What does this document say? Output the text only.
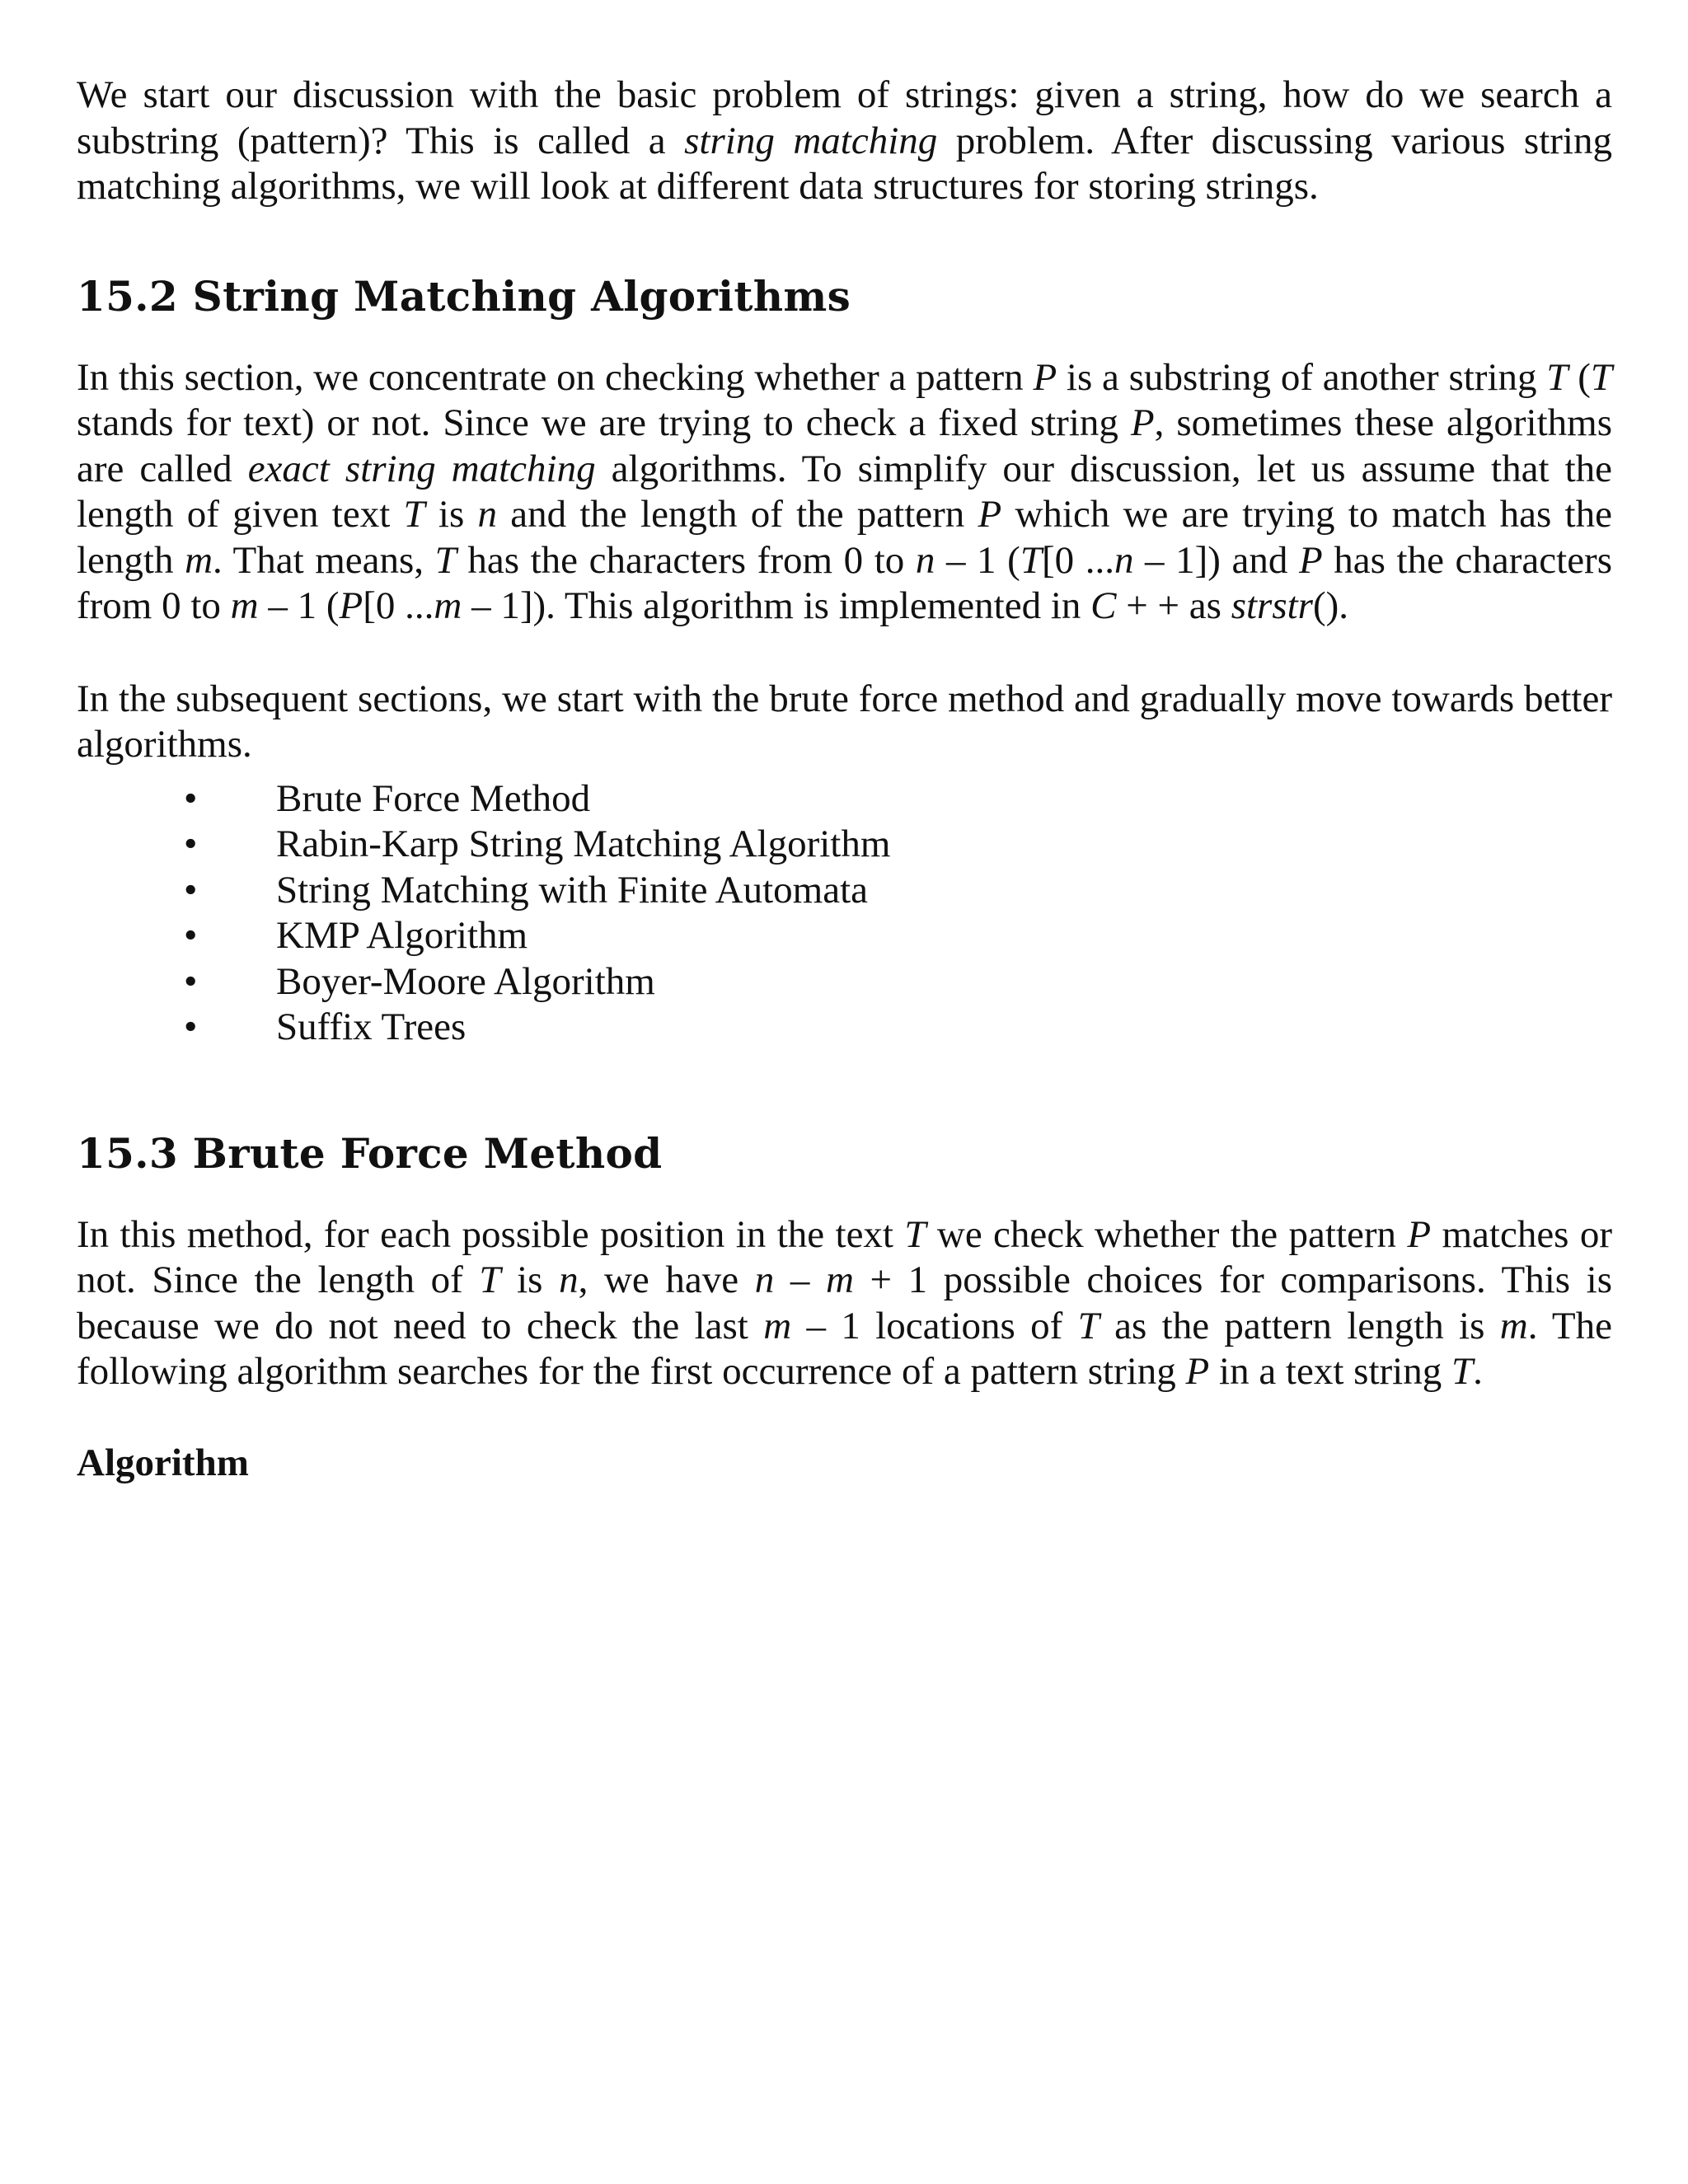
We start our discussion with the basic problem of strings: given a string, how do we search a substring (pattern)? This is called a string matching problem. After discussing various string matching algorithms, we will look at different data structures for storing strings.

15.2 String Matching Algorithms

In this section, we concentrate on checking whether a pattern P is a substring of another string T (T stands for text) or not. Since we are trying to check a fixed string P, sometimes these algorithms are called exact string matching algorithms. To simplify our discussion, let us assume that the length of given text T is n and the length of the pattern P which we are trying to match has the length m. That means, T has the characters from 0 to n – 1 (T[0 ...n – 1]) and P has the characters from 0 to m – 1 (P[0 ...m – 1]). This algorithm is implemented in C + + as strstr().

In the subsequent sections, we start with the brute force method and gradually move towards better algorithms.

• Brute Force Method
• Rabin-Karp String Matching Algorithm
• String Matching with Finite Automata
• KMP Algorithm
• Boyer-Moore Algorithm
• Suffix Trees
15.3 Brute Force Method

In this method, for each possible position in the text T we check whether the pattern P matches or not. Since the length of T is n, we have n – m + 1 possible choices for comparisons. This is because we do not need to check the last m – 1 locations of T as the pattern length is m. The following algorithm searches for the first occurrence of a pattern string P in a text string T.

Algorithm
